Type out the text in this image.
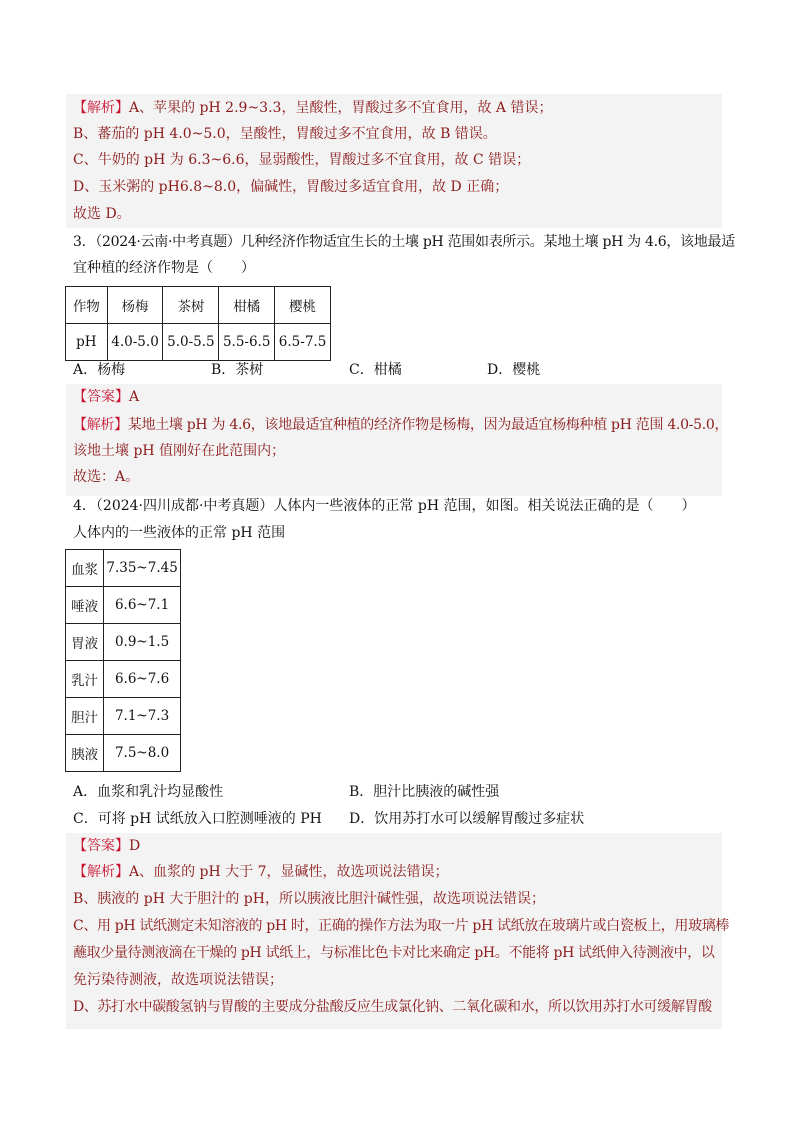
【解析】A、苹果的 pH 2.9~3.3，呈酸性，胃酸过多不宜食用，故 A 错误；
B、蕃茄的 pH 4.0~5.0，呈酸性，胃酸过多不宜食用，故 B 错误。
C、牛奶的 pH 为 6.3~6.6，显弱酸性，胃酸过多不宜食用，故 C 错误；
D、玉米粥的 pH6.8~8.0，偏碱性，胃酸过多适宜食用，故 D 正确；
故选 D。
3．（2024·云南·中考真题）几种经济作物适宜生长的土壤 pH 范围如表所示。某地土壤 pH 为 4.6，该地最适
宜种植的经济作物是（　　）
作物	杨梅	茶树	柑橘	樱桃
pH	4.0-5.0	5.0-5.5	5.5-6.5	6.5-7.5
A．杨梅	B．茶树	C．柑橘	D．樱桃
【答案】A
【解析】某地土壤 pH 为 4.6，该地最适宜种植的经济作物是杨梅，因为最适宜杨梅种植 pH 范围 4.0-5.0，
该地土壤 pH 值刚好在此范围内；
故选：A。
4．（2024·四川成都·中考真题）人体内一些液体的正常 pH 范围，如图。相关说法正确的是（　　）
人体内的一些液体的正常 pH 范围
血浆	7.35~7.45
唾液	6.6~7.1
胃液	0.9~1.5
乳汁	6.6~7.6
胆汁	7.1~7.3
胰液	7.5~8.0
A．血浆和乳汁均显酸性	B．胆汁比胰液的碱性强
C．可将 pH 试纸放入口腔测唾液的 PH D．饮用苏打水可以缓解胃酸过多症状
【答案】D
【解析】A、血浆的 pH 大于 7，显碱性，故选项说法错误；
B、胰液的 pH 大于胆汁的 pH，所以胰液比胆汁碱性强，故选项说法错误；
C、用 pH 试纸测定未知溶液的 pH 时，正确的操作方法为取一片 pH 试纸放在玻璃片或白瓷板上，用玻璃棒
蘸取少量待测液滴在干燥的 pH 试纸上，与标准比色卡对比来确定 pH。不能将 pH 试纸伸入待测液中，以
免污染待测液，故选项说法错误；
D、苏打水中碳酸氢钠与胃酸的主要成分盐酸反应生成氯化钠、二氧化碳和水，所以饮用苏打水可缓解胃酸
